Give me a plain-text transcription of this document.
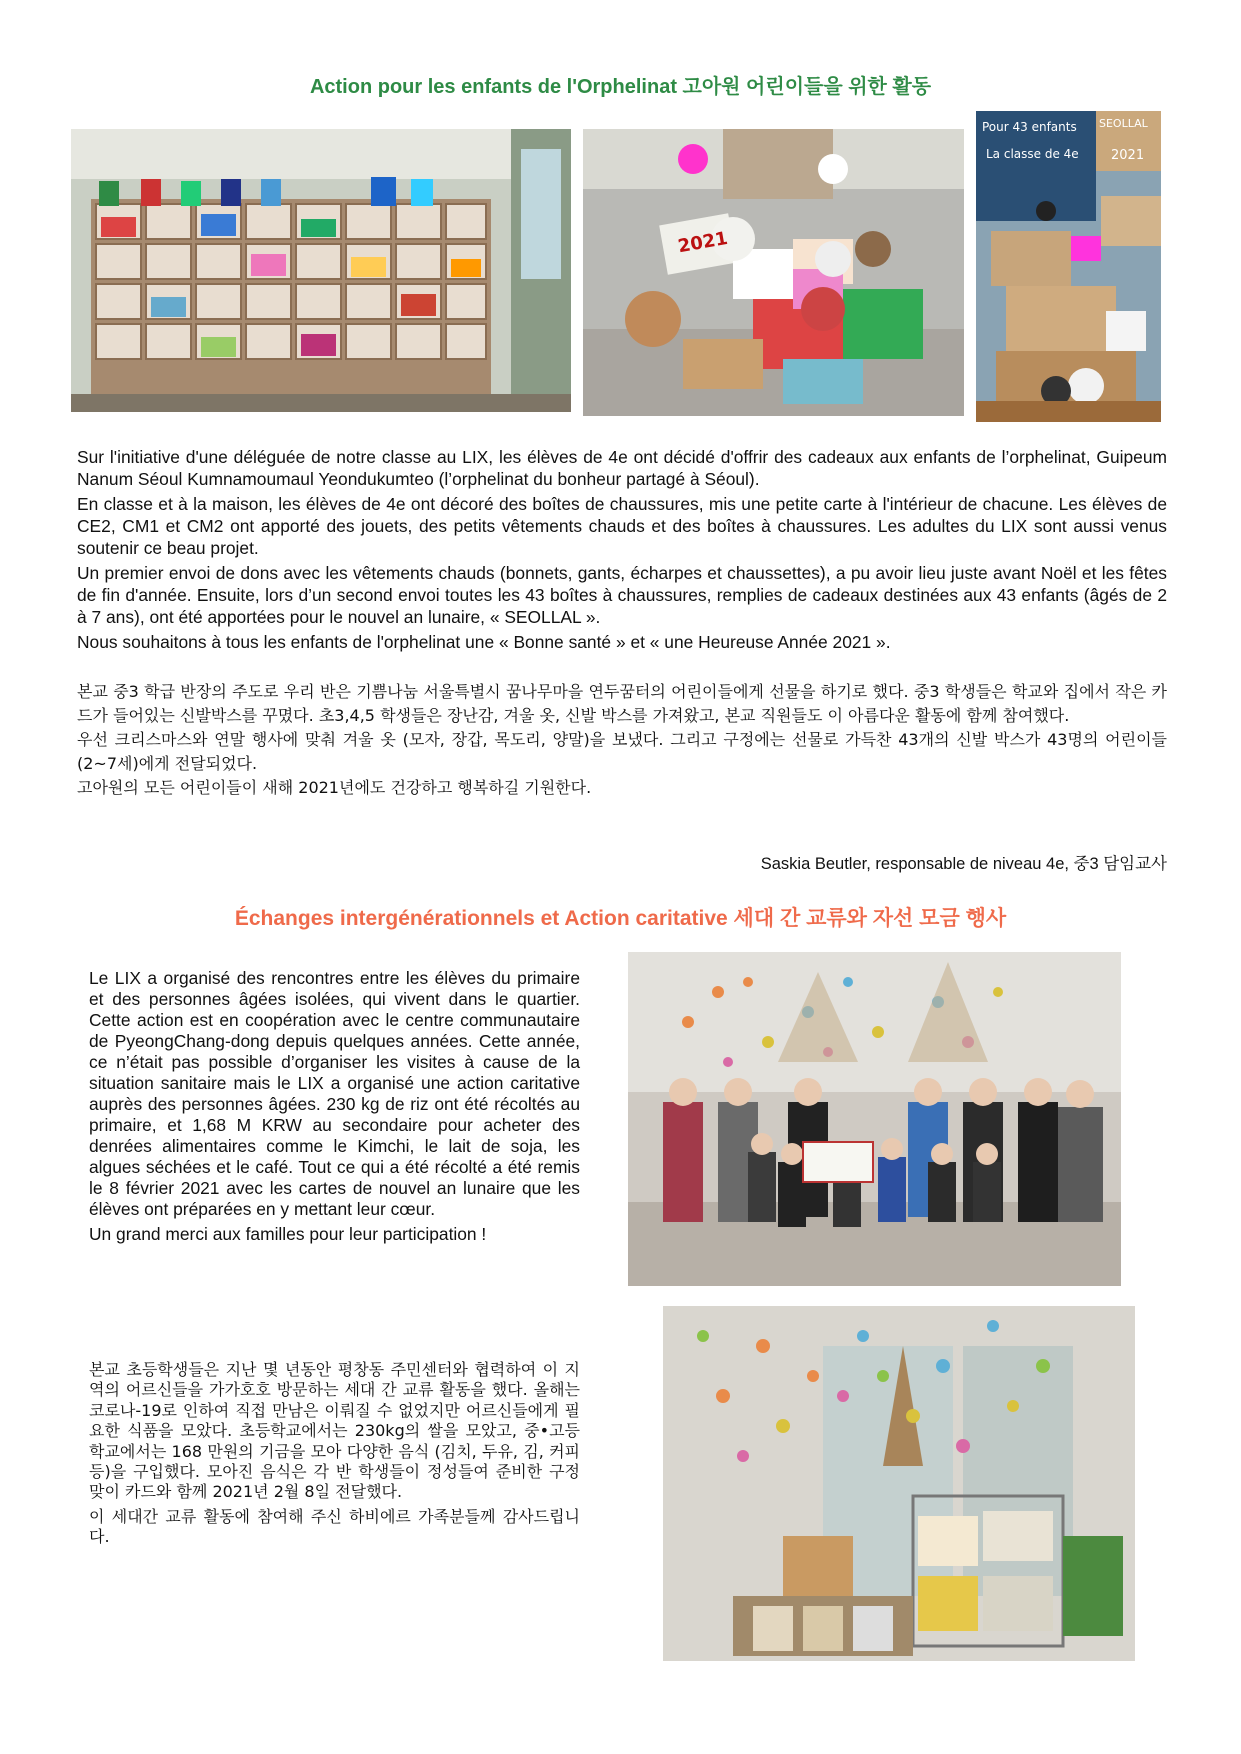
Action pour les enfants de l'Orphelinat 고아원 어린이들을 위한 활동
2021
Pour 43 enfants
La classe de 4e
SEOLLAL
2021

Sur l'initiative d'une déléguée de notre classe au LIX, les élèves de 4e ont décidé d'offrir des cadeaux aux enfants de l’orphelinat, Guipeum Nanum Séoul Kumnamoumaul Yeondukumteo (l’orphelinat du bonheur partagé à Séoul).

En classe et à la maison, les élèves de 4e ont décoré des boîtes de chaussures, mis une petite carte à l'intérieur de chacune. Les élèves de CE2, CM1 et CM2 ont apporté des jouets, des petits vêtements chauds et des boîtes à chaussures. Les adultes du LIX sont aussi venus soutenir ce beau projet.

Un premier envoi de dons avec les vêtements chauds (bonnets, gants, écharpes et chaussettes), a pu avoir lieu juste avant Noël et les fêtes de fin d'année. Ensuite, lors d’un second envoi toutes les 43 boîtes à chaussures, remplies de cadeaux destinées aux 43 enfants (âgés de 2 à 7 ans), ont été apportées pour le nouvel an lunaire, « SEOLLAL ».

Nous souhaitons à tous les enfants de l'orphelinat une « Bonne santé » et « une Heureuse Année 2021 ».

본교 중3 학급 반장의 주도로 우리 반은 기쁨나눔 서울특별시 꿈나무마을 연두꿈터의 어린이들에게 선물을 하기로 했다. 중3 학생들은 학교와 집에서 작은 카드가 들어있는 신발박스를 꾸몄다. 초3,4,5 학생들은 장난감, 겨울 옷, 신발 박스를 가져왔고, 본교 직원들도 이 아름다운 활동에 함께 참여했다.

우선 크리스마스와 연말 행사에 맞춰 겨울 옷 (모자, 장갑, 목도리, 양말)을 보냈다. 그리고 구정에는 선물로 가득찬 43개의 신발 박스가 43명의 어린이들(2~7세)에게 전달되었다.

고아원의 모든 어린이들이 새해 2021년에도 건강하고 행복하길 기원한다.

Saskia Beutler, responsable de niveau 4e, 중3 담임교사
Échanges intergénérationnels et Action caritative 세대 간 교류와 자선 모금 행사

Le LIX a organisé des rencontres entre les élèves du primaire et des personnes âgées isolées, qui vivent dans le quartier. Cette action est en coopération avec le centre communautaire de PyeongChang-dong depuis quelques années. Cette année, ce n’était pas possible d’organiser les visites à cause de la situation sanitaire mais le LIX a organisé une action caritative auprès des personnes âgées. 230 kg de riz ont été récoltés au primaire, et 1,68 M KRW au secondaire pour acheter des denrées alimentaires comme le Kimchi, le lait de soja, les algues séchées et le café. Tout ce qui a été récolté a été remis le 8 février 2021 avec les cartes de nouvel an lunaire que les élèves ont préparées en y mettant leur cœur.

Un grand merci aux familles pour leur participation !

본교 초등학생들은 지난 몇 년동안 평창동 주민센터와 협력하여 이 지역의 어르신들을 가가호호 방문하는 세대 간 교류 활동을 했다. 올해는 코로나-19로 인하여 직접 만남은 이뤄질 수 없었지만 어르신들에게 필요한 식품을 모았다. 초등학교에서는 230kg의 쌀을 모았고, 중•고등학교에서는 168 만원의 기금을 모아 다양한 음식 (김치, 두유, 김, 커피 등)을 구입했다. 모아진 음식은 각 반 학생들이 정성들여 준비한 구정 맞이 카드와 함께 2021년 2월 8일 전달했다.

이 세대간 교류 활동에 참여해 주신 하비에르 가족분들께 감사드립니다.
